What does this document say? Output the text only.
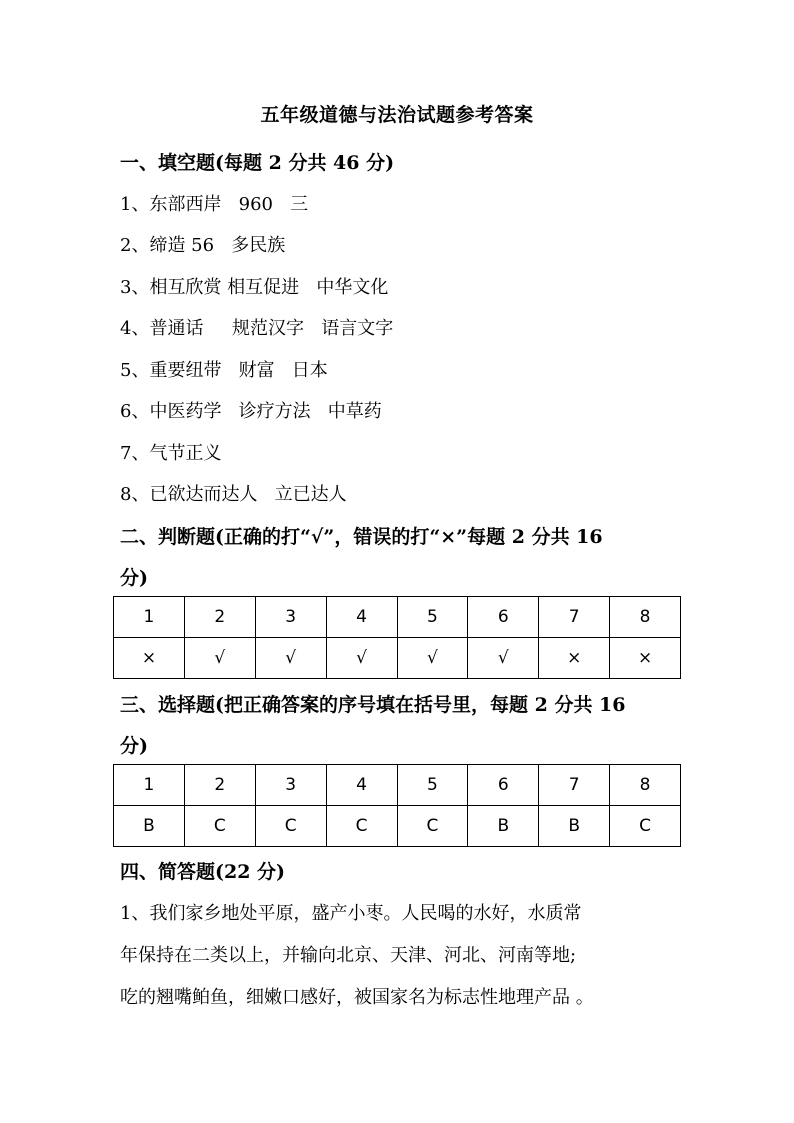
五年级道德与法治试题参考答案
一、填空题(每题 2 分共 46 分)
1、东部西岸   960   三
2、缔造 56   多民族
3、相互欣赏 相互促进   中华文化
4、普通话     规范汉字   语言文字
5、重要纽带   财富   日本
6、中医药学   诊疗方法   中草药
7、气节正义
8、已欲达而达人   立已达人
二、判断题(正确的打“√”，错误的打“×”每题 2 分共 16
分)
1	2	3	4	5	6	7	8
×	√	√	√	√	√	×	×
三、选择题(把正确答案的序号填在括号里，每题 2 分共 16
分)
1	2	3	4	5	6	7	8
B	C	C	C	C	B	B	C
四、简答题(22 分)
1、我们家乡地处平原，盛产小枣。人民喝的水好，水质常
年保持在二类以上，并输向北京、天津、河北、河南等地;
吃的翘嘴鲌鱼，细嫩口感好，被国家名为标志性地理产品 。
